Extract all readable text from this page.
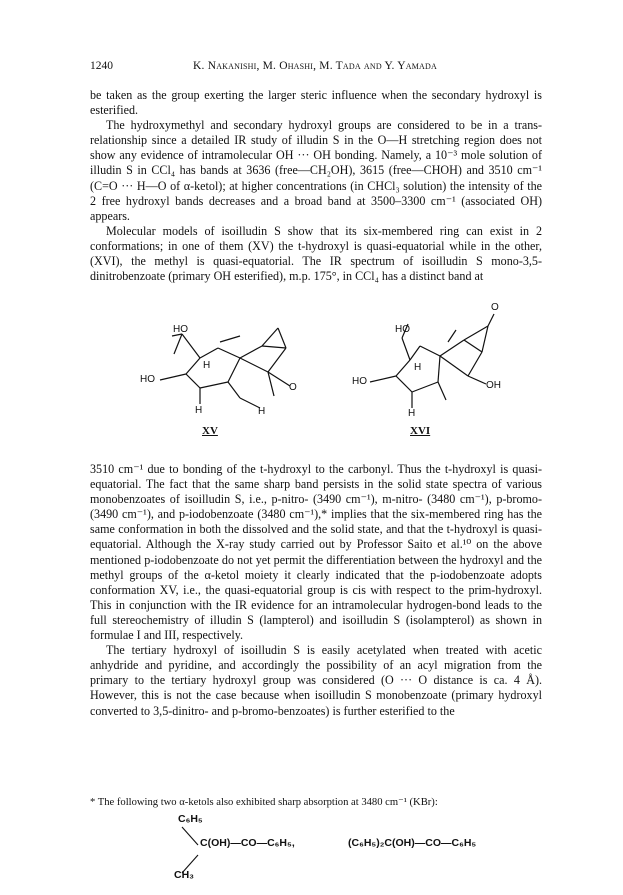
1240	K. Nakanishi, M. Ohashi, M. Tada and Y. Yamada

be taken as the group exerting the larger steric influence when the secondary hydroxyl is esterified.

The hydroxymethyl and secondary hydroxyl groups are considered to be in a trans-relationship since a detailed IR study of illudin S in the O—H stretching region does not show any evidence of intramolecular OH ··· OH bonding. Namely, a 10⁻³ mole solution of illudin S in CCl₄ has bands at 3636 (free—CH₂OH), 3615 (free—CHOH) and 3510 cm⁻¹ (C=O ··· H—O of α-ketol); at higher concentrations (in CHCl₃ solution) the intensity of the 2 free hydroxyl bands decreases and a broad band at 3500–3300 cm⁻¹ (associated OH) appears.

Molecular models of isoilludin S show that its six-membered ring can exist in 2 conformations; in one of them (XV) the t-hydroxyl is quasi-equatorial while in the other, (XVI), the methyl is quasi-equatorial. The IR spectrum of isoilludin S mono-3,5-dinitrobenzoate (primary OH esterified), m.p. 175°, in CCl₄ has a distinct band at

HO
HO
H
H	H
O
HO
HO
H
H
O
OH
XV	XVI

3510 cm⁻¹ due to bonding of the t-hydroxyl to the carbonyl. Thus the t-hydroxyl is quasi-equatorial. The fact that the same sharp band persists in the solid state spectra of various monobenzoates of isoilludin S, i.e., p-nitro- (3490 cm⁻¹), m-nitro- (3480 cm⁻¹), p-bromo- (3490 cm⁻¹), and p-iodobenzoate (3480 cm⁻¹),* implies that the six-membered ring has the same conformation in both the dissolved and the solid state, and that the t-hydroxyl is quasi-equatorial. Although the X-ray study carried out by Professor Saito et al.¹⁰ on the above mentioned p-iodobenzoate do not yet permit the differentiation between the hydroxyl and the methyl groups of the α-ketol moiety it clearly indicated that the p-iodobenzoate adopts conformation XV, i.e., the quasi-equatorial group is cis with respect to the prim-hydroxyl. This in conjunction with the IR evidence for an intramolecular hydrogen-bond leads to the full stereochemistry of illudin S (lampterol) and isoilludin S (isolampterol) as shown in formulae I and III, respectively.

The tertiary hydroxyl of isoilludin S is easily acetylated when treated with acetic anhydride and pyridine, and accordingly the possibility of an acyl migration from the primary to the tertiary hydroxyl group was considered (O ··· O distance is ca. 4 Å). However, this is not the case because when isoilludin S monobenzoate (primary hydroxyl converted to 3,5-dinitro- and p-bromo-benzoates) is further esterified to the

* The following two α-ketols also exhibited sharp absorption at 3480 cm⁻¹ (KBr):
C₆H₅
C(OH)—CO—C₆H₅,
CH₃
(C₆H₅)₂C(OH)—CO—C₆H₅
